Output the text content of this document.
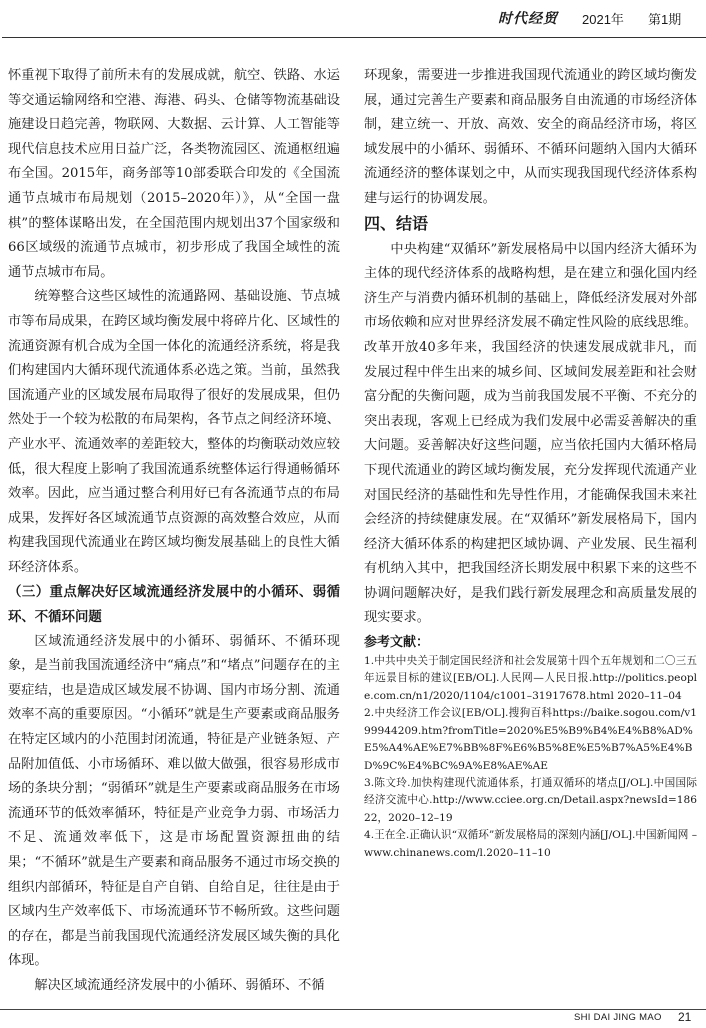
时代经贸 2021年 第1期

怀重视下取得了前所未有的发展成就，航空、铁路、水运等交通运输网络和空港、海港、码头、仓储等物流基础设施建设日趋完善，物联网、大数据、云计算、人工智能等现代信息技术应用日益广泛，各类物流园区、流通枢纽遍布全国。2015年，商务部等10部委联合印发的《全国流通节点城市布局规划（2015–2020年）》，从“全国一盘棋”的整体谋略出发，在全国范围内规划出37个国家级和66区域级的流通节点城市，初步形成了我国全域性的流通节点城市布局。

统筹整合这些区域性的流通路网、基础设施、节点城市等布局成果，在跨区域均衡发展中将碎片化、区域性的流通资源有机合成为全国一体化的流通经济系统，将是我们构建国内大循环现代流通体系必选之策。当前，虽然我国流通产业的区域发展布局取得了很好的发展成果，但仍然处于一个较为松散的布局架构，各节点之间经济环境、产业水平、流通效率的差距较大，整体的均衡联动效应较低，很大程度上影响了我国流通系统整体运行得通畅循环效率。因此，应当通过整合利用好已有各流通节点的布局成果，发挥好各区域流通节点资源的高效整合效应，从而构建我国现代流通业在跨区域均衡发展基础上的良性大循环经济体系。

（三）重点解决好区域流通经济发展中的小循环、弱循环、不循环问题

区域流通经济发展中的小循环、弱循环、不循环现象，是当前我国流通经济中“痛点”和“堵点”问题存在的主要症结，也是造成区域发展不协调、国内市场分割、流通效率不高的重要原因。“小循环”就是生产要素或商品服务在特定区域内的小范围封闭流通，特征是产业链条短、产品附加值低、小市场循环、难以做大做强，很容易形成市场的条块分割；“弱循环”就是生产要素或商品服务在市场流通环节的低效率循环，特征是产业竞争力弱、市场活力不足、流通效率低下，这是市场配置资源扭曲的结果；“不循环”就是生产要素和商品服务不通过市场交换的组织内部循环，特征是自产自销、自给自足，往往是由于区域内生产效率低下、市场流通环节不畅所致。这些问题的存在，都是当前我国现代流通经济发展区域失衡的具化体现。

解决区域流通经济发展中的小循环、弱循环、不循

环现象，需要进一步推进我国现代流通业的跨区域均衡发展，通过完善生产要素和商品服务自由流通的市场经济体制，建立统一、开放、高效、安全的商品经济市场，将区域发展中的小循环、弱循环、不循环问题纳入国内大循环流通经济的整体谋划之中，从而实现我国现代经济体系构建与运行的协调发展。

四、结语

中央构建“双循环”新发展格局中以国内经济大循环为主体的现代经济体系的战略构想，是在建立和强化国内经济生产与消费内循环机制的基础上，降低经济发展对外部市场依赖和应对世界经济发展不确定性风险的底线思维。改革开放40多年来，我国经济的快速发展成就非凡，而发展过程中伴生出来的城乡间、区域间发展差距和社会财富分配的失衡问题，成为当前我国发展不平衡、不充分的突出表现，客观上已经成为我们发展中必需妥善解决的重大问题。妥善解决好这些问题，应当依托国内大循环格局下现代流通业的跨区域均衡发展，充分发挥现代流通产业对国民经济的基础性和先导性作用，才能确保我国未来社会经济的持续健康发展。在“双循环”新发展格局下，国内经济大循环体系的构建把区域协调、产业发展、民生福利有机纳入其中，把我国经济长期发展中积累下来的这些不协调问题解决好，是我们践行新发展理念和高质量发展的现实要求。

参考文献：

1.中共中央关于制定国民经济和社会发展第十四个五年规划和二〇三五年远景目标的建议[EB/OL].人民网—人民日报.http://politics.people.com.cn/n1/2020/1104/c1001–31917678.html 2020–11–04

2.中央经济工作会议[EB/OL].搜狗百科https://baike.sogou.com/v199944209.htm?fromTitle=2020%E5%B9%B4%E4%B8%AD%E5%A4%AE%E7%BB%8F%E6%B5%8E%E5%B7%A5%E4%BD%9C%E4%BC%9A%E8%AE%AE

3.陈文玲.加快构建现代流通体系，打通双循环的堵点[J/OL].中国国际经济交流中心.http://www.cciee.org.cn/Detail.aspx?newsId=18622，2020–12–19

4.王在全.正确认识“双循环”新发展格局的深刻内涵[J/OL].中国新闻网 – www.chinanews.com/l.2020–11–10

SHI DAI JING MAO 21
